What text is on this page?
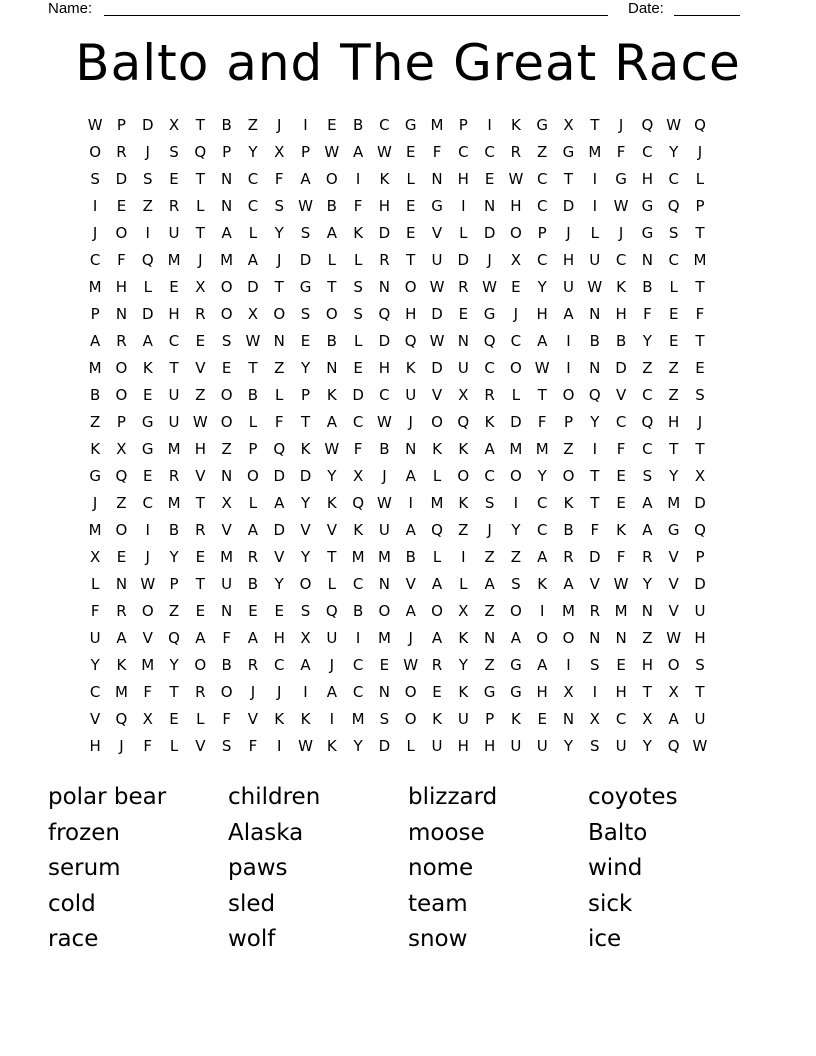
Name:	Date:
Balto and The Great Race
W P	D	X	T	B	Z	J	I	E	B	C	G M	P	I	K	G	X	T	J	Q W Q
O	R	J	S	Q	P	Y	X	P W A W E	F	C	C	R	Z	G M	F	C	Y	J
S	D	S	E	T	N	C	F	A	O	I	K	L	N	H	E W C	T	I	G H	C	L
I	E	Z	R	L	N	C	S W B	F	H	E	G	I	N	H	C	D	I	W G Q	P
J	O	I	U	T	A	L	Y	S	A	K	D	E	V	L	D O	P	J	L	J	G	S	T
C	F	Q M	J	M A	J	D	L	L	R	T	U	D	J	X	C	H	U	C	N	C M
M H	L	E	X	O D	T	G	T	S	N O W R W E	Y	U W K	B	L	T
P	N D H	R	O	X	O	S	O	S	Q H D	E	G	J	H	A	N	H	F	E	F
A	R	A	C	E	S W N	E	B	L	D Q W N Q	C	A	I	B	B	Y	E	T
M O	K	T	V	E	T	Z	Y	N	E	H	K	D	U	C	O W	I	N D	Z	Z	E
B	O	E	U	Z	O	B	L	P	K	D	C	U	V	X	R	L	T	O Q	V	C	Z	S
Z	P	G	U W O	L	F	T	A	C W	J	O Q	K	D	F	P	Y	C	Q H	J
K	X	G M H	Z	P	Q	K W F	B	N	K	K	A M M Z	I	F	C	T	T
G Q	E	R	V	N O D D	Y	X	J	A	L	O	C	O	Y	O	T	E	S	Y	X
J	Z	C M	T	X	L	A	Y	K	Q W	I	M K	S	I	C	K	T	E	A M D
M O	I	B	R	V	A	D	V	V	K	U	A	Q	Z	J	Y	C	B	F	K	A	G Q
X	E	J	Y	E	M R	V	Y	T	M M B	L	I	Z	Z	A	R	D	F	R	V	P
L	N W P	T	U	B	Y	O	L	C	N	V	A	L	A	S	K	A	V W Y	V	D
F	R	O	Z	E	N	E	E	S	Q	B	O	A	O	X	Z	O	I	M R M N	V	U
U	A	V	Q	A	F	A	H	X	U	I	M	J	A	K	N	A	O O N	N	Z W H
Y	K M	Y	O	B	R	C	A	J	C	E W R	Y	Z	G	A	I	S	E	H O	S
C M	F	T	R	O	J	J	I	A	C	N O	E	K	G G H	X	I	H	T	X	T
V	Q	X	E	L	F	V	K	K	I	M	S	O	K	U	P	K	E	N	X	C	X	A	U
H	J	F	L	V	S	F	I	W K	Y	D	L	U	H	H	U	U	Y	S	U	Y	Q W
polar bear	children	blizzard	coyotes
frozen	Alaska	moose	Balto
serum	paws	nome	wind
cold	sled	team	sick
race	wolf	snow	ice
